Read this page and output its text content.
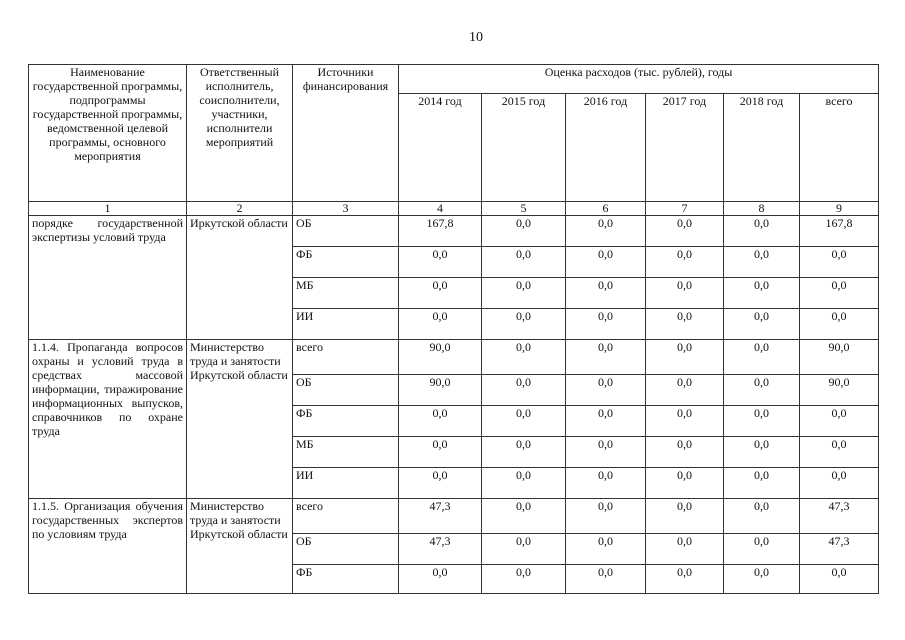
10
Наименование государственной программы, подпрограммы государственной программы, ведомственной целевой программы, основного мероприятия	Ответственный исполнитель, соисполнители, участники, исполнители мероприятий	Источники финансирования	Оценка расходов (тыс. рублей), годы					
			2014 год	2015 год	2016 год	2017 год	2018 год	всего
1	2	3	4	5	6	7	8	9
порядке государственной экспертизы условий труда	Иркутской области	ОБ	167,8	0,0	0,0	0,0	0,0	167,8
		ФБ	0,0	0,0	0,0	0,0	0,0	0,0
		МБ	0,0	0,0	0,0	0,0	0,0	0,0
		ИИ	0,0	0,0	0,0	0,0	0,0	0,0
1.1.4. Пропаганда вопросов охраны и условий труда в средствах массовой информации, тиражирование информационных выпусков, справочников по охране труда	Министерство труда и занятости Иркутской области	всего	90,0	0,0	0,0	0,0	0,0	90,0
		ОБ	90,0	0,0	0,0	0,0	0,0	90,0
		ФБ	0,0	0,0	0,0	0,0	0,0	0,0
		МБ	0,0	0,0	0,0	0,0	0,0	0,0
		ИИ	0,0	0,0	0,0	0,0	0,0	0,0
1.1.5. Организация обучения государственных экспертов по условиям труда	Министерство труда и занятости Иркутской области	всего	47,3	0,0	0,0	0,0	0,0	47,3
		ОБ	47,3	0,0	0,0	0,0	0,0	47,3
		ФБ	0,0	0,0	0,0	0,0	0,0	0,0
